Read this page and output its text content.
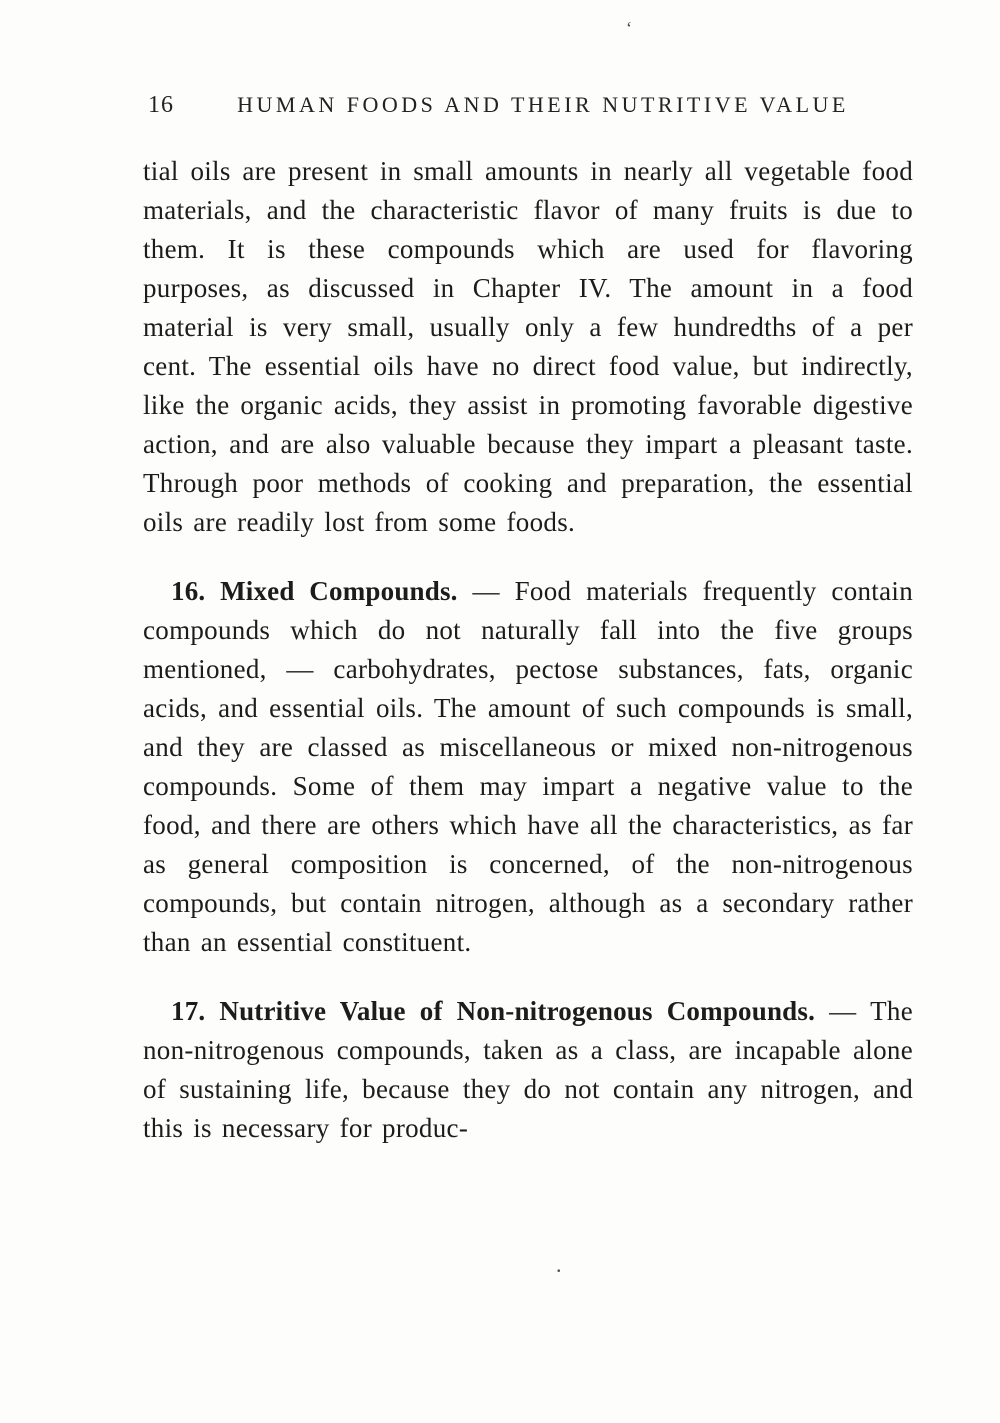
‘
16	HUMAN FOODS AND THEIR NUTRITIVE VALUE

tial oils are present in small amounts in nearly all vegetable food materials, and the characteristic flavor of many fruits is due to them. It is these compounds which are used for flavoring purposes, as discussed in Chapter IV. The amount in a food material is very small, usually only a few hundredths of a per cent. The essential oils have no direct food value, but indirectly, like the organic acids, they assist in promoting favorable digestive action, and are also valuable because they impart a pleasant taste. Through poor methods of cooking and preparation, the essential oils are readily lost from some foods.

16. Mixed Compounds. — Food materials frequently contain compounds which do not naturally fall into the five groups mentioned, — carbohydrates, pectose substances, fats, organic acids, and essential oils. The amount of such compounds is small, and they are classed as miscellaneous or mixed non-nitrogenous compounds. Some of them may impart a negative value to the food, and there are others which have all the characteristics, as far as general composition is concerned, of the non-nitrogenous compounds, but contain nitrogen, although as a secondary rather than an essential constituent.

17. Nutritive Value of Non-nitrogenous Compounds. — The non-nitrogenous compounds, taken as a class, are incapable alone of sustaining life, because they do not contain any nitrogen, and this is necessary for produc-

.
